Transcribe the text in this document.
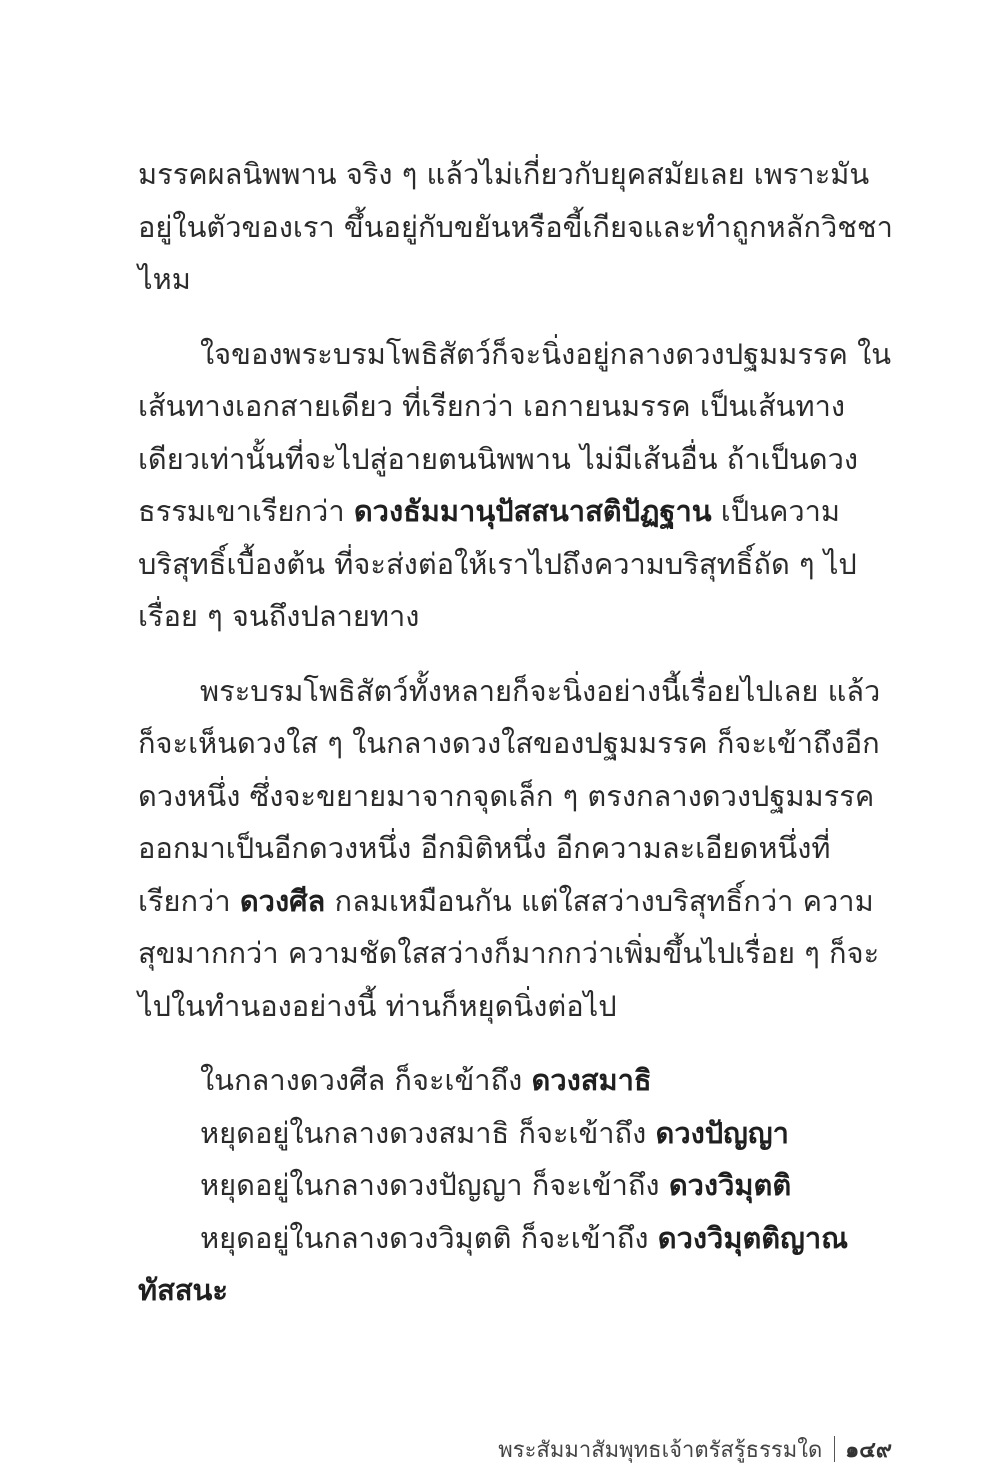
มรรคผลนิพพาน จริง ๆ แล้วไม่เกี่ยวกับยุคสมัยเลย เพราะมัน
อยู่ในตัวของเรา ขึ้นอยู่กับขยันหรือขี้เกียจและทำถูกหลักวิชชา
ไหม

ใจของพระบรมโพธิสัตว์ก็จะนิ่งอยู่กลางดวงปฐมมรรค ใน
เส้นทางเอกสายเดียว ที่เรียกว่า เอกายนมรรค เป็นเส้นทาง
เดียวเท่านั้นที่จะไปสู่อายตนนิพพาน ไม่มีเส้นอื่น ถ้าเป็นดวง
ธรรมเขาเรียกว่า ดวงธัมมานุปัสสนาสติปัฏฐาน เป็นความ
บริสุทธิ์เบื้องต้น ที่จะส่งต่อให้เราไปถึงความบริสุทธิ์ถัด ๆ ไป
เรื่อย ๆ จนถึงปลายทาง

พระบรมโพธิสัตว์ทั้งหลายก็จะนิ่งอย่างนี้เรื่อยไปเลย แล้ว
ก็จะเห็นดวงใส ๆ ในกลางดวงใสของปฐมมรรค ก็จะเข้าถึงอีก
ดวงหนึ่ง ซึ่งจะขยายมาจากจุดเล็ก ๆ ตรงกลางดวงปฐมมรรค
ออกมาเป็นอีกดวงหนึ่ง อีกมิติหนึ่ง อีกความละเอียดหนึ่งที่
เรียกว่า ดวงศีล กลมเหมือนกัน แต่ใสสว่างบริสุทธิ์กว่า ความ
สุขมากกว่า ความชัดใสสว่างก็มากกว่าเพิ่มขึ้นไปเรื่อย ๆ ก็จะ
ไปในทำนองอย่างนี้ ท่านก็หยุดนิ่งต่อไป

ในกลางดวงศีล ก็จะเข้าถึง ดวงสมาธิ
หยุดอยู่ในกลางดวงสมาธิ ก็จะเข้าถึง ดวงปัญญา
หยุดอยู่ในกลางดวงปัญญา ก็จะเข้าถึง ดวงวิมุตติ
หยุดอยู่ในกลางดวงวิมุตติ ก็จะเข้าถึง ดวงวิมุตติญาณ
ทัสสนะ

พระสัมมาสัมพุทธเจ้าตรัสรู้ธรรมใด ๑๔๙
